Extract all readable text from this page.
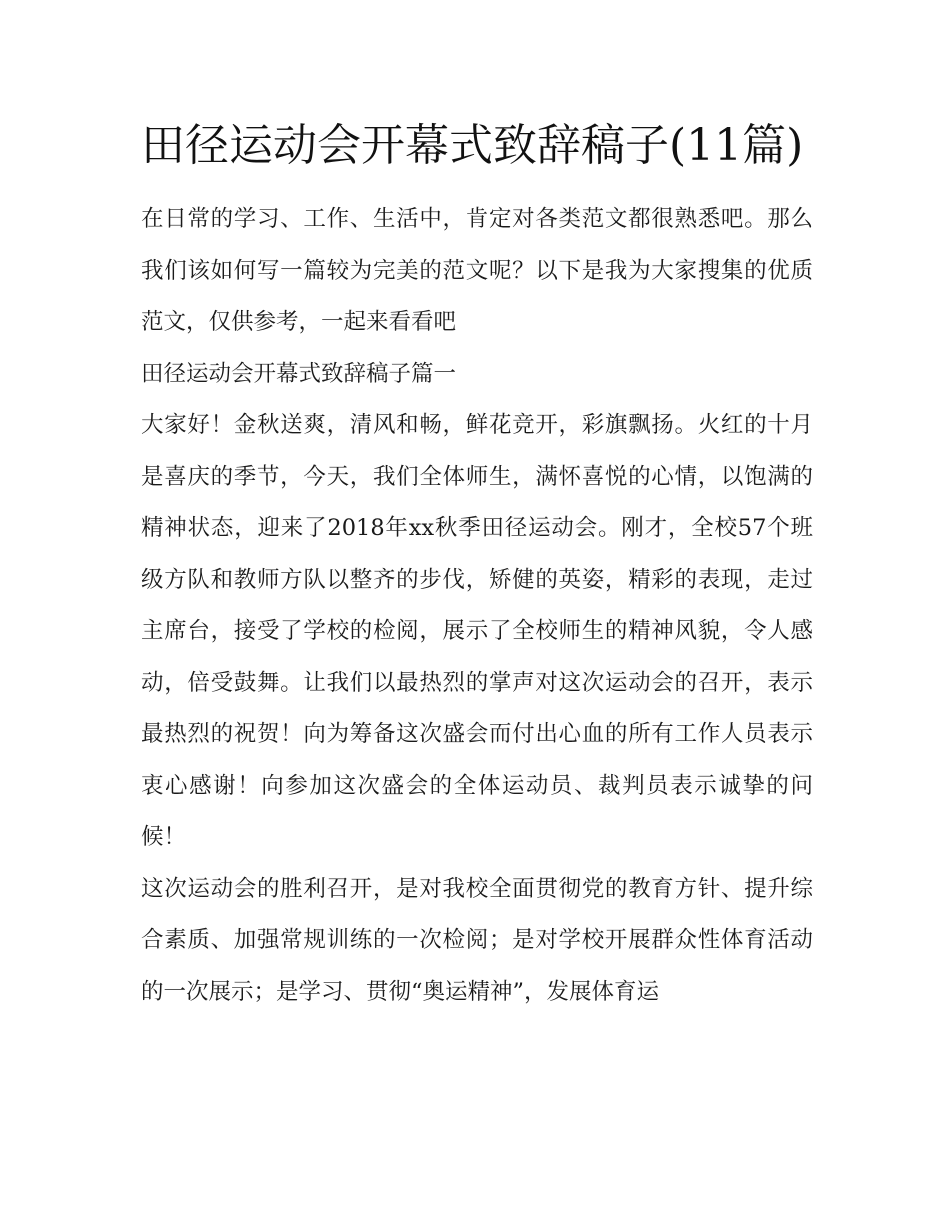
田径运动会开幕式致辞稿子(11篇)

在日常的学习、工作、生活中，肯定对各类范文都很熟悉吧。那么我们该如何写一篇较为完美的范文呢？以下是我为大家搜集的优质范文，仅供参考，一起来看看吧

田径运动会开幕式致辞稿子篇一

大家好！金秋送爽，清风和畅，鲜花竞开，彩旗飘扬。火红的十月是喜庆的季节，今天，我们全体师生，满怀喜悦的心情，以饱满的精神状态，迎来了2018年xx秋季田径运动会。刚才，全校57个班级方队和教师方队以整齐的步伐，矫健的英姿，精彩的表现，走过主席台，接受了学校的检阅，展示了全校师生的精神风貌，令人感动，倍受鼓舞。让我们以最热烈的掌声对这次运动会的召开，表示最热烈的祝贺！向为筹备这次盛会而付出心血的所有工作人员表示衷心感谢！向参加这次盛会的全体运动员、裁判员表示诚挚的问候！

这次运动会的胜利召开，是对我校全面贯彻党的教育方针、提升综合素质、加强常规训练的一次检阅；是对学校开展群众性体育活动的一次展示；是学习、贯彻“奥运精神”，发展体育运
